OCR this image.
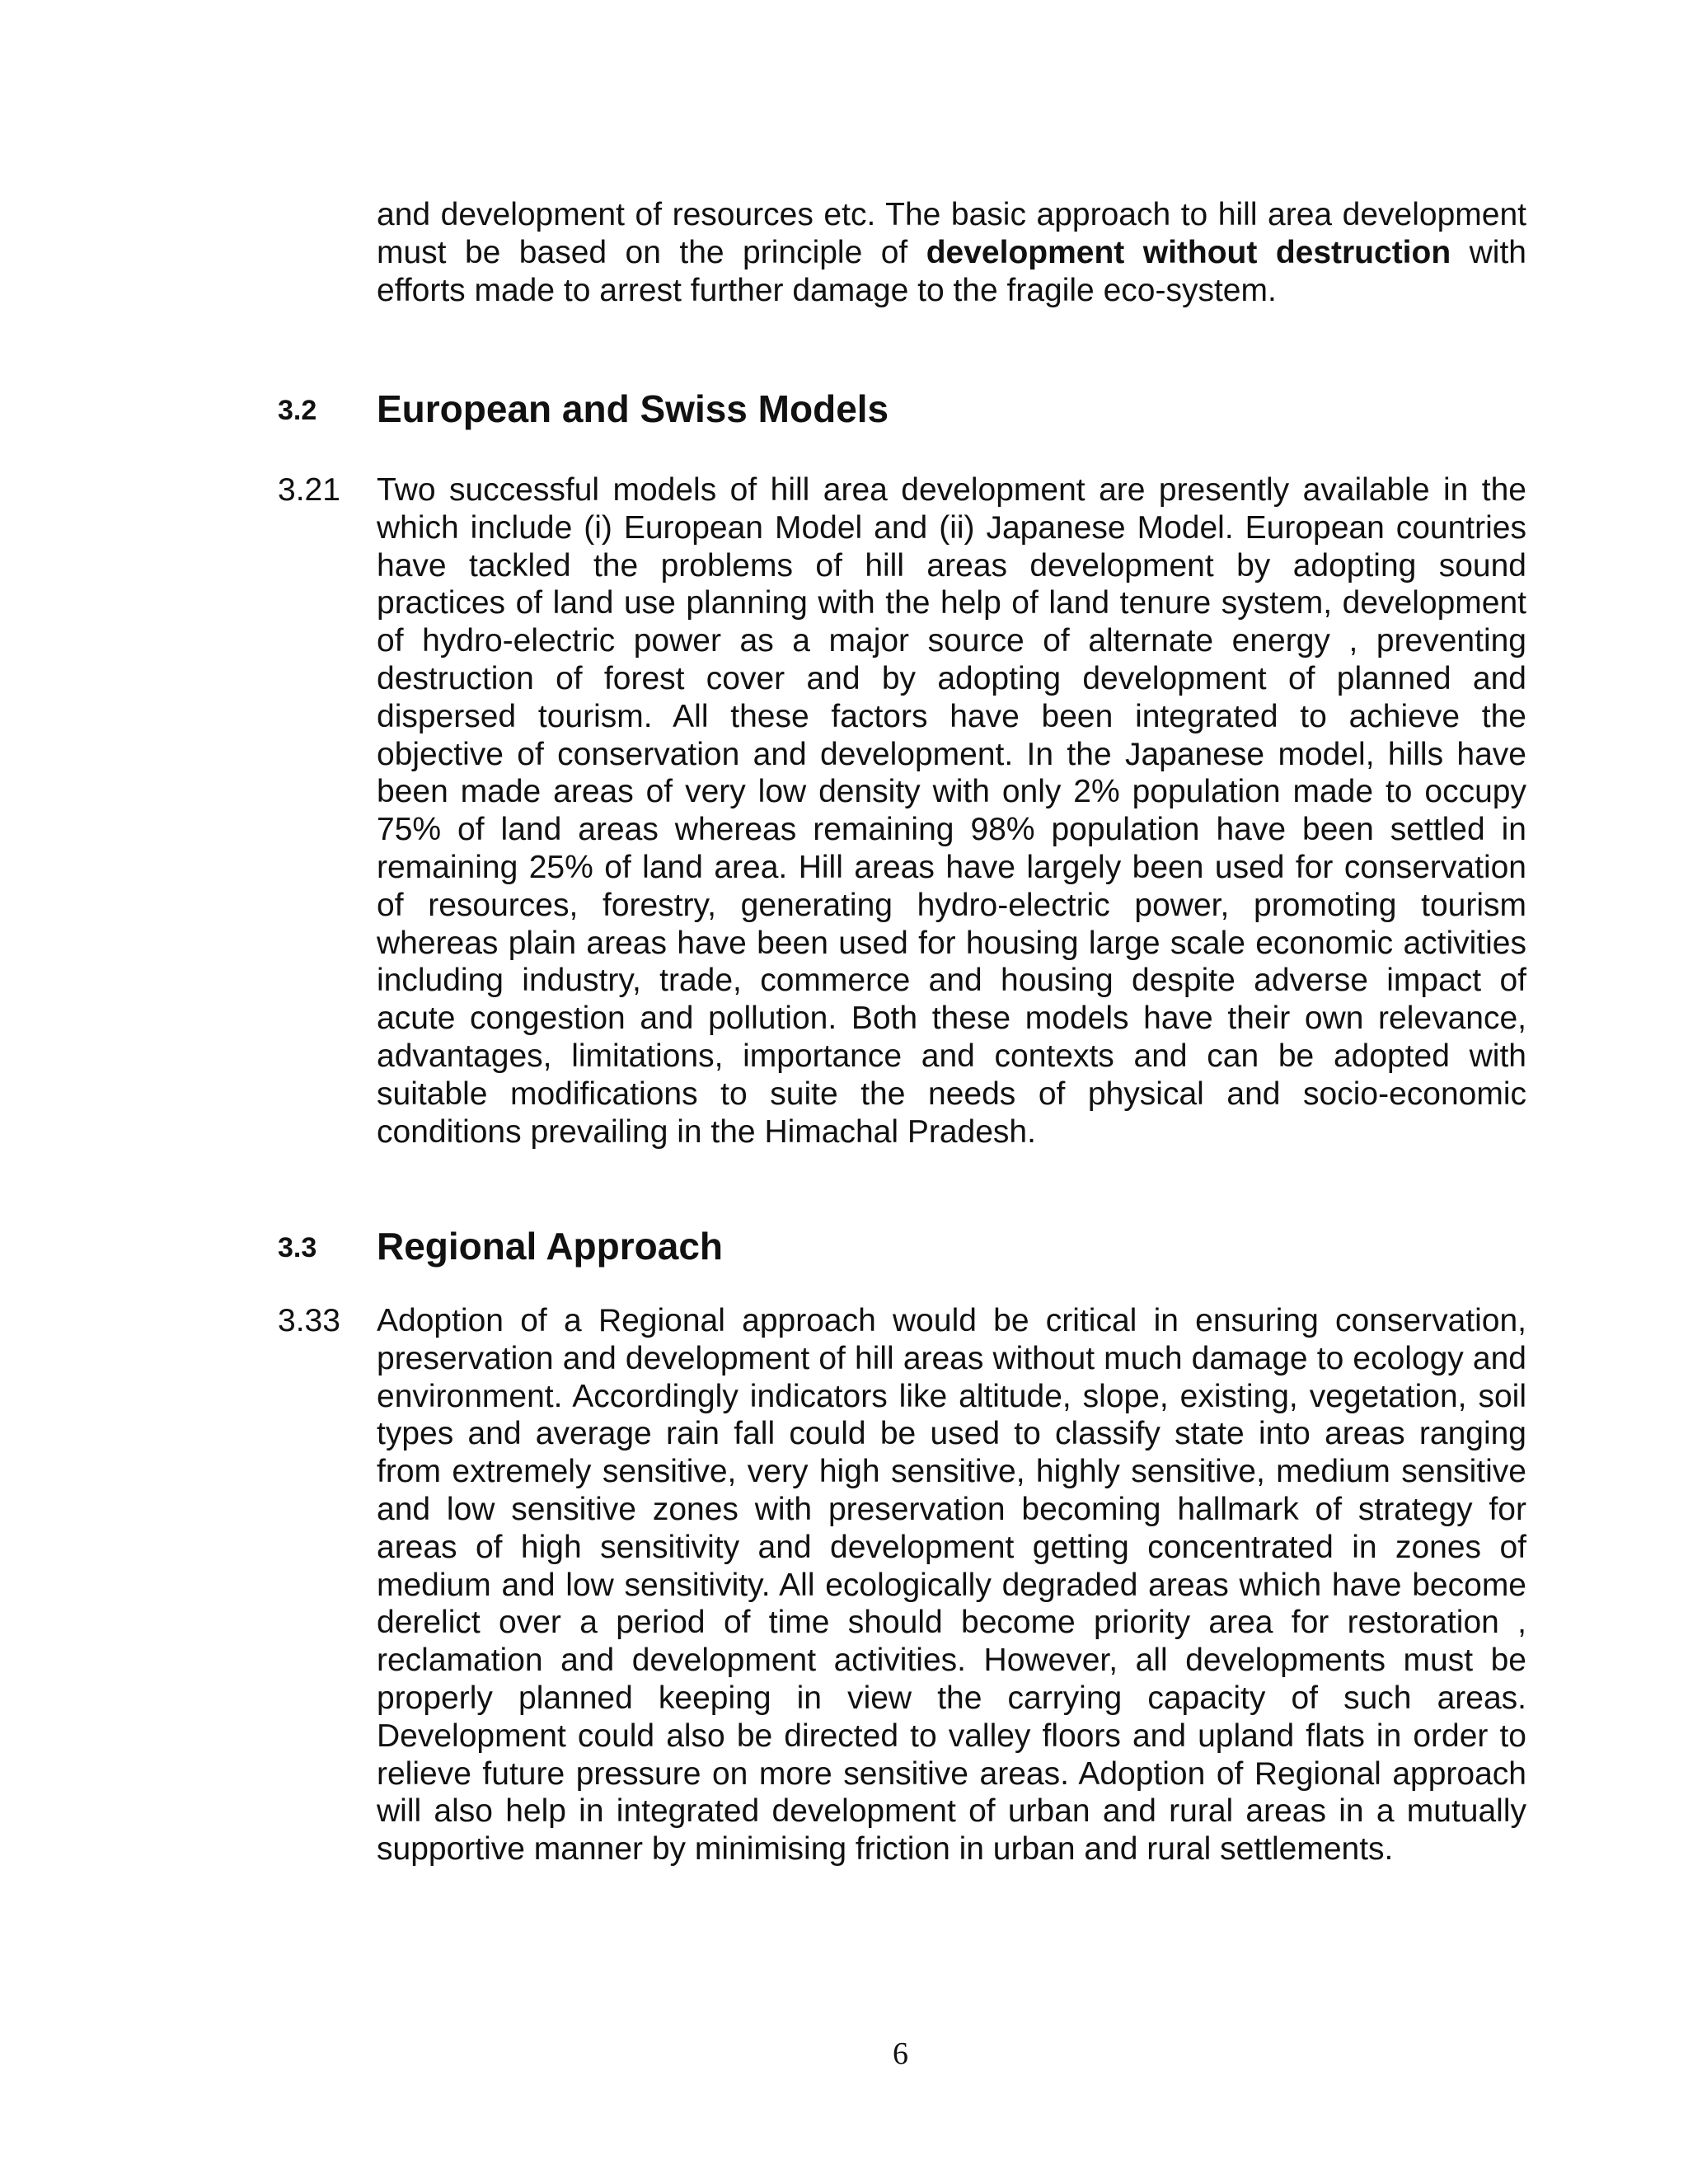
and development of resources etc. The basic approach to hill area development must be based on the principle of development without destruction with efforts made to arrest further damage to the fragile eco-system.

3.2 European and Swiss Models
3.21 Two successful models of hill area development are presently available in the which include (i) European Model and (ii) Japanese Model. European countries have tackled the problems of hill areas development by adopting sound practices of land use planning with the help of land tenure system, development of hydro-electric power as a major source of alternate energy , preventing destruction of forest cover and by adopting development of planned and dispersed tourism. All these factors have been integrated to achieve the objective of conservation and development. In the Japanese model, hills have been made areas of very low density with only 2% population made to occupy 75% of land areas whereas remaining 98% population have been settled in remaining 25% of land area. Hill areas have largely been used for conservation of resources, forestry, generating hydro-electric power, promoting tourism whereas plain areas have been used for housing large scale economic activities including industry, trade, commerce and housing despite adverse impact of acute congestion and pollution. Both these models have their own relevance, advantages, limitations, importance and contexts and can be adopted with suitable modifications to suite the needs of physical and socio-economic conditions prevailing in the Himachal Pradesh.

3.3 Regional Approach
3.33 Adoption of a Regional approach would be critical in ensuring conservation, preservation and development of hill areas without much damage to ecology and environment. Accordingly indicators like altitude, slope, existing, vegetation, soil types and average rain fall could be used to classify state into areas ranging from extremely sensitive, very high sensitive, highly sensitive, medium sensitive and low sensitive zones with preservation becoming hallmark of strategy for areas of high sensitivity and development getting concentrated in zones of medium and low sensitivity. All ecologically degraded areas which have become derelict over a period of time should become priority area for restoration , reclamation and development activities. However, all developments must be properly planned keeping in view the carrying capacity of such areas. Development could also be directed to valley floors and upland flats in order to relieve future pressure on more sensitive areas. Adoption of Regional approach will also help in integrated development of urban and rural areas in a mutually supportive manner by minimising friction in urban and rural settlements.

6
